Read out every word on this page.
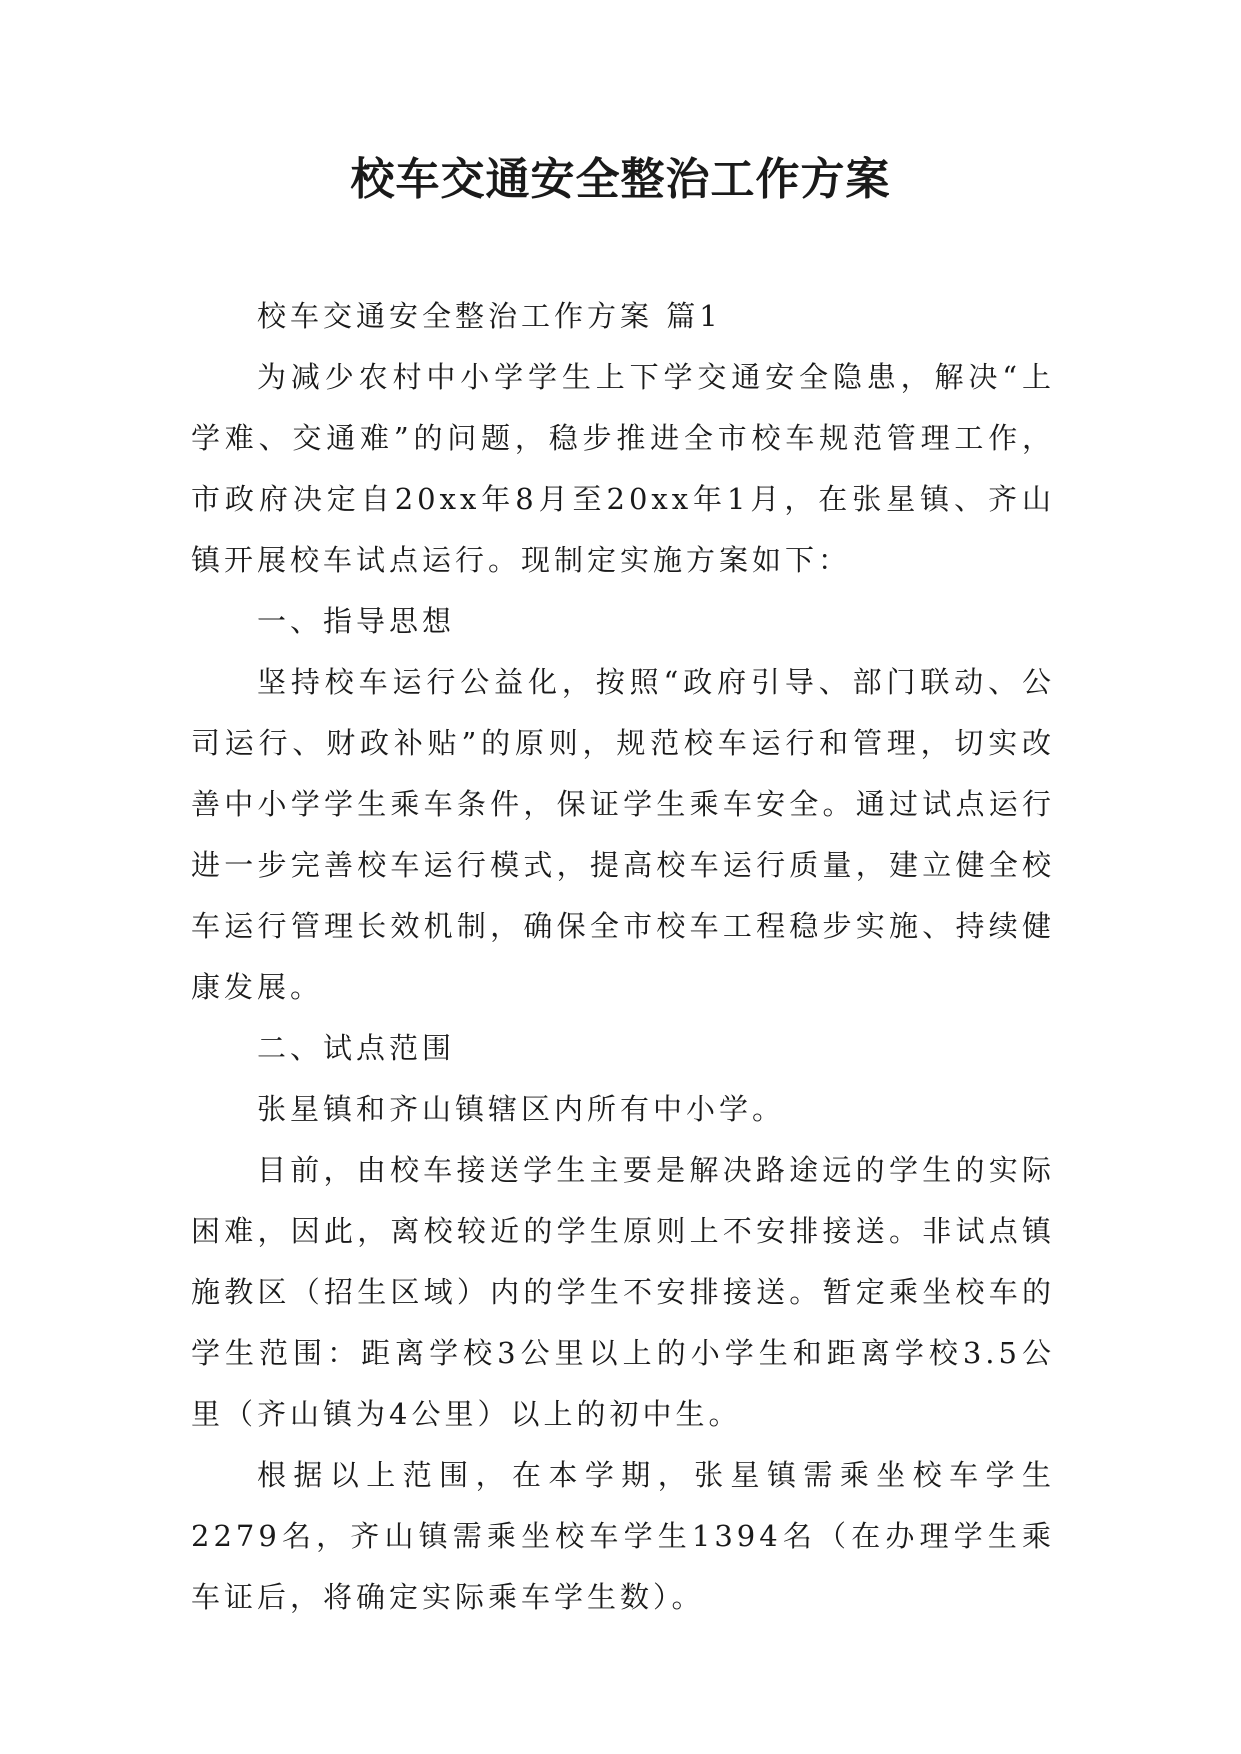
校车交通安全整治工作方案

校车交通安全整治工作方案 篇1

为减少农村中小学学生上下学交通安全隐患，解决“上学难、交通难”的问题，稳步推进全市校车规范管理工作，市政府决定自20xx年8月至20xx年1月，在张星镇、齐山镇开展校车试点运行。现制定实施方案如下：

一、指导思想

坚持校车运行公益化，按照“政府引导、部门联动、公司运行、财政补贴”的原则，规范校车运行和管理，切实改善中小学学生乘车条件，保证学生乘车安全。通过试点运行进一步完善校车运行模式，提高校车运行质量，建立健全校车运行管理长效机制，确保全市校车工程稳步实施、持续健康发展。

二、试点范围

张星镇和齐山镇辖区内所有中小学。

目前，由校车接送学生主要是解决路途远的学生的实际困难，因此，离校较近的学生原则上不安排接送。非试点镇施教区（招生区域）内的学生不安排接送。暂定乘坐校车的学生范围：距离学校3公里以上的小学生和距离学校3.5公里（齐山镇为4公里）以上的初中生。

根据以上范围，在本学期，张星镇需乘坐校车学生2279名，齐山镇需乘坐校车学生1394名（在办理学生乘车证后，将确定实际乘车学生数）。
